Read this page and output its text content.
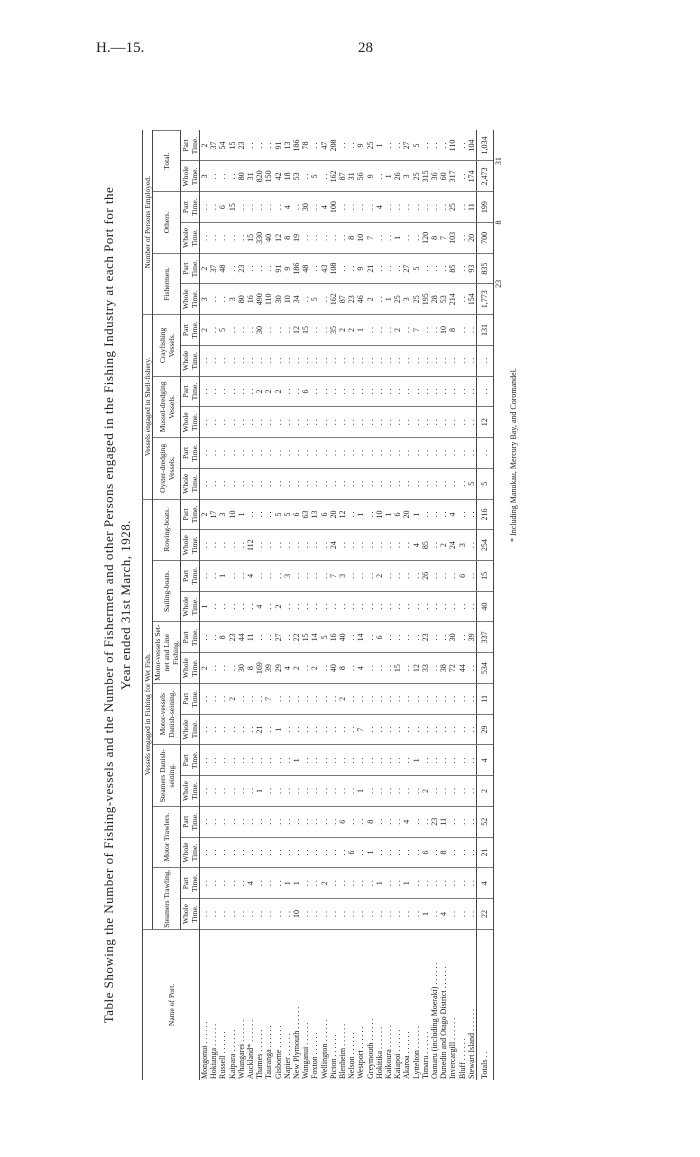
H.—15.	28
Table Showing the Number of Fishing-vessels and the Number of Fishermen and other Persons engaged in the Fishing Industry at each Port for the Year ended 31st March, 1928.
Name of Port.	Vessels engaged in Fishing for Wet Fish.														Vessels engaged in Shell-fishery.						Number of Persons Employed.					
	Steamers Trawling.		Motor Trawlers.		Steamers Danish-seining.		Motor-vessels Danish-seining.		Motor-vessels Set-net and Line Fishing.		Sailing-boats.		Rowing-boats.		Oyster-dredging Vessels.		Mussel-dredging Vessels.		Crayfishing Vessels.		Fishermen.		Others.		Total.	
	Whole Time.	Part Time.	Whole Time.	Part Time.	Whole Time.	Part Time.	Whole Time.	Part Time.	Whole Time.	Part Time.	Whole Time.	Part Time.	Whole Time.	Part Time.	Whole Time.	Part Time.	Whole Time.	Part Time.	Whole Time.	Part Time.	Whole Time.	Part Time.	Whole Time.	Part Time.	Whole Time.	Part Time.
Mongonui . . . . . .	. .	. .	. .	. .	. .	. .	. .	. .	2	. .	1	. .	. .	2	. .	. .	. .	. .	. .	2	3	2	. .	. .	3	2
Hokianga . . . . . .	. .	. .	. .	. .	. .	. .	. .	. .	. .	. .	. .	. .	. .	17	. .	. .	. .	. .	. .	. .	. .	37	. .	. .	. .	37
Russell . . . . . .	. .	. .	. .	. .	. .	. .	. .	. .	. .	8	. .	1	. .	3	. .	. .	. .	. .	. .	5	. .	48	. .	6	. .	54
Kaipara . . . . . .	. .	. .	. .	. .	. .	. .	. .	2	. .	23	. .	. .	. .	10	. .	. .	. .	. .	. .	. .	3	. .	. .	15	. .	15
Whangarei . . . . . .	. .	. .	. .	. .	. .	. .	. .	. .	30	44	. .	. .	. .	1	. .	. .	. .	. .	. .	. .	80	23	. .	. .	80	23
Auckland* . . . . . .	. .	4	. .	. .	. .	. .	. .	. .	8	11	. .	4	112	. .	. .	. .	. .	. .	. .	. .	16	. .	15	. .	31	. .
Thames . . . . . .	. .	. .	. .	. .	1	. .	21	. .	169	. .	4	. .	. .	. .	. .	. .	. .	2	. .	30	490	. .	330	. .	820	. .
Tauranga . . . . . .	. .	. .	. .	. .	. .	. .	. .	7	39	. .	. .	. .	. .	. .	. .	. .	. .	2	. .	. .	110	. .	40	. .	150	. .
Gisborne . . . . . .	. .	. .	. .	. .	. .	. .	1	. .	29	27	2	. .	. .	5	. .	. .	. .	2	. .	. .	30	91	12	. .	42	91
Napier . . . . . .	. .	1	. .	. .	. .	. .	. .	. .	4	. .	. .	3	. .	5	. .	. .	. .	. .	. .	. .	10	9	8	4	18	13
New Plymouth . . . . . .	10	1	. .	. .	. .	1	. .	. .	2	22	. .	. .	. .	6	. .	. .	. .	. .	. .	12	34	186	19	. .	53	186
Wanganui . . . . . .	. .	. .	. .	. .	. .	. .	. .	. .	. .	15	. .	. .	. .	63	. .	. .	. .	6	. .	15	. .	48	. .	30	. .	78
Foxton . . . . . .	. .	. .	. .	. .	. .	. .	. .	. .	2	14	. .	. .	. .	13	. .	. .	. .	. .	. .	. .	5	. .	. .	. .	5	. .
Wellington . . . . . .	. .	2	. .	. .	. .	. .	. .	. .	. .	5	. .	. .	. .	6	. .	. .	. .	. .	. .	. .	. .	43	. .	4	. .	47
Picton . . . . . .	. .	. .	. .	. .	. .	. .	. .	. .	40	16	. .	7	24	20	. .	. .	. .	. .	. .	35	162	108	. .	100	162	208
Blenheim . . . . . .	. .	. .	. .	6	. .	. .	. .	2	8	40	. .	3	. .	12	. .	. .	. .	. .	. .	2	87	. .	. .	. .	87	. .
Nelson . . . . . .	. .	. .	6	. .	. .	. .	. .	. .	. .	. .	. .	. .	. .	. .	. .	. .	. .	. .	. .	2	23	. .	8	. .	31	. .
Westport . . . . . .	. .	. .	. .	. .	1	. .	7	. .	4	14	. .	. .	. .	1	. .	. .	. .	. .	. .	1	46	9	10	. .	56	9
Greymouth . . . . . .	. .	. .	1	8	. .	. .	. .	. .	. .	. .	. .	. .	. .	. .	. .	. .	. .	. .	. .	. .	2	21	7	. .	9	25
Hokitika . . . . . .	. .	1	. .	. .	. .	. .	. .	. .	. .	6	. .	2	. .	10	. .	. .	. .	. .	. .	. .	. .	. .	. .	4	. .	1
Kaikoura . . . . . .	. .	. .	. .	. .	. .	. .	. .	. .	. .	. .	. .	. .	. .	1	. .	. .	. .	. .	. .	. .	1	. .	. .	. .	1	. .
Kaiapoi . . . . . .	. .	. .	. .	. .	. .	. .	. .	. .	15	. .	. .	. .	. .	6	. .	. .	. .	. .	. .	2	25	. .	1	. .	26	. .
Akaroa . . . . . .	. .	1	. .	4	. .	. .	. .	. .	. .	. .	. .	. .	. .	20	. .	. .	. .	. .	. .	. .	3	27	. .	. .	3	27
Lyttelton . . . . . .	. .	. .	. .	. .	. .	1	. .	. .	12	. .	. .	. .	4	1	. .	. .	. .	. .	. .	7	25	5	. .	. .	25	5
Timaru . . . . . .	1	. .	6	. .	2	. .	. .	. .	33	23	. .	26	85	. .	. .	. .	. .	. .	. .	. .	195	. .	120	. .	315	. .
Oamaru (including Moeraki) . . . . . .	. .	. .	. .	23	. .	. .	. .	. .	. .	. .	. .	. .	. .	. .	. .	. .	. .	. .	. .	. .	28	. .	8	. .	36	. .
Dunedin and Otago District . . . . . .	4	. .	8	11	. .	. .	. .	. .	38	. .	. .	. .	2	. .	. .	. .	. .	. .	. .	10	53	. .	7	. .	60	. .
Invercargill . . . . . .	. .	. .	. .	. .	. .	. .	. .	. .	72	30	. .	. .	24	4	. .	. .	. .	. .	. .	8	214	85	103	25	317	110
Bluff . . . . . .	. .	. .	. .	. .	. .	. .	. .	. .	44	. .	. .	6	3	. .	. .	. .	. .	. .	. .	. .	. .	. .	. .	. .	. .	. .
Stewart Island . . . . . .	. .	. .	. .	. .	. .	. .	. .	. .	. .	39	. .	. .	. .	. .	5	. .	. .	. .	. .	. .	154	93	20	11	174	104
Totals . .	22	4	21	52	2	4	29	11	534	337	40	15	254	216	5	. .	12	. .	. .	131	1,773	835	700	199	2,473	1,034
																					23		8		31	
* Including Manukau, Mercury Bay, and Coromandel.
